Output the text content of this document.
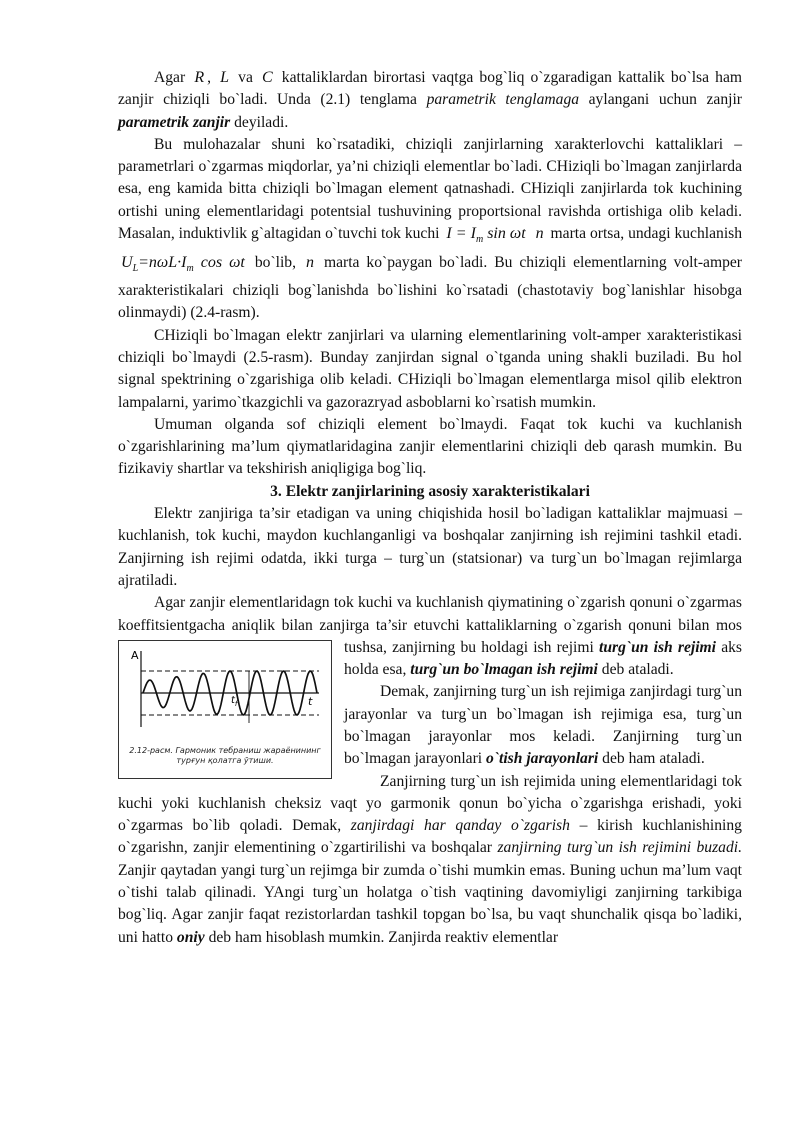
Agar R , L va C kattaliklardan birortasi vaqtga bog`liq o`zgaradigan kattalik bo`lsa ham zanjir chiziqli bo`ladi. Unda (2.1) tenglama parametrik tenglamaga aylangani uchun zanjir parametrik zanjir deyiladi.

Bu mulohazalar shuni ko`rsatadiki, chiziqli zanjirlarning xarakterlovchi kattaliklari – parametrlari o`zgarmas miqdorlar, ya’ni chiziqli elementlar bo`ladi. CHiziqli bo`lmagan zanjirlarda esa, eng kamida bitta chiziqli bo`lmagan element qatnashadi. CHiziqli zanjirlarda tok kuchining ortishi uning elementlaridagi potentsial tushuvining proportsional ravishda ortishiga olib keladi. Masalan, induktivlik g`altagidan o`tuvchi tok kuchi $I = I_m$ sin ωt n marta ortsa, undagi kuchlanish $U_L=n\omega L\cdot I_m$ cos ωt bo`lib, n marta ko`paygan bo`ladi. Bu chiziqli elementlarning volt-amper xarakteristikalari chiziqli bog`lanishda bo`lishini ko`rsatadi (chastotaviy bog`lanishlar hisobga olinmaydi) (2.4-rasm).

CHiziqli bo`lmagan elektr zanjirlari va ularning elementlarining volt-amper xarakteristikasi chiziqli bo`lmaydi (2.5-rasm). Bunday zanjirdan signal o`tganda uning shakli buziladi. Bu hol signal spektrining o`zgarishiga olib keladi. CHiziqli bo`lmagan elementlarga misol qilib elektron lampalarni, yarimo`tkazgichli va gazorazryad asboblarni ko`rsatish mumkin.

Umuman olganda sof chiziqli element bo`lmaydi. Faqat tok kuchi va kuchlanish o`zgarishlarining ma’lum qiymatlaridagina zanjir elementlarini chiziqli deb qarash mumkin. Bu fizikaviy shartlar va tekshirish aniqligiga bog`liq.

3. Elektr zanjirlarining asosiy xarakteristikalari

Elektr zanjiriga ta’sir etadigan va uning chiqishida hosil bo`ladigan kattaliklar majmuasi – kuchlanish, tok kuchi, maydon kuchlanganligi va boshqalar zanjirning ish rejimini tashkil etadi. Zanjirning ish rejimi odatda, ikki turga – turg`un (statsionar) va turg`un bo`lmagan rejimlarga ajratiladi.

Agar zanjir elementlaridagn tok kuchi va kuchlanish qiymatining o`zgarish qonuni o`zgarmas koeffitsientgacha aniqlik bilan zanjirga ta’sir etuvchi kattaliklarning o`zgarish qonuni bilan mos tushsa, zanjirning bu holdagi ish rejimi
A
t
$t_f$
2.12-расм. Гармоник тебраниш жараёнининг турғун қолатга ўтиши.
turg`un ish rejimi aks holda esa, turg`un bo`lmagan ish rejimi deb ataladi.

Demak, zanjirning turg`un ish rejimiga zanjirdagi turg`un jarayonlar va turg`un bo`lmagan ish rejimiga esa, turg`un bo`lmagan jarayonlar mos keladi. Zanjirning turg`un bo`lmagan jarayonlari o`tish jarayonlari deb ham ataladi.

Zanjirning turg`un ish rejimida uning elementlaridagi tok kuchi yoki kuchlanish cheksiz vaqt yo garmonik qonun bo`yicha o`zgarishga erishadi, yoki o`zgarmas bo`lib qoladi. Demak, zanjirdagi har qanday o`zgarish – kirish kuchlanishining o`zgarishn, zanjir elementining o`zgartirilishi va boshqalar zanjirning turg`un ish rejimini buzadi. Zanjir qaytadan yangi turg`un rejimga bir zumda o`tishi mumkin emas. Buning uchun ma’lum vaqt o`tishi talab qilinadi. YAngi turg`un holatga o`tish vaqtining davomiyligi zanjirning tarkibiga bog`liq. Agar zanjir faqat rezistorlardan tashkil topgan bo`lsa, bu vaqt shunchalik qisqa bo`ladiki, uni hatto oniy deb ham hisoblash mumkin. Zanjirda reaktiv elementlar
